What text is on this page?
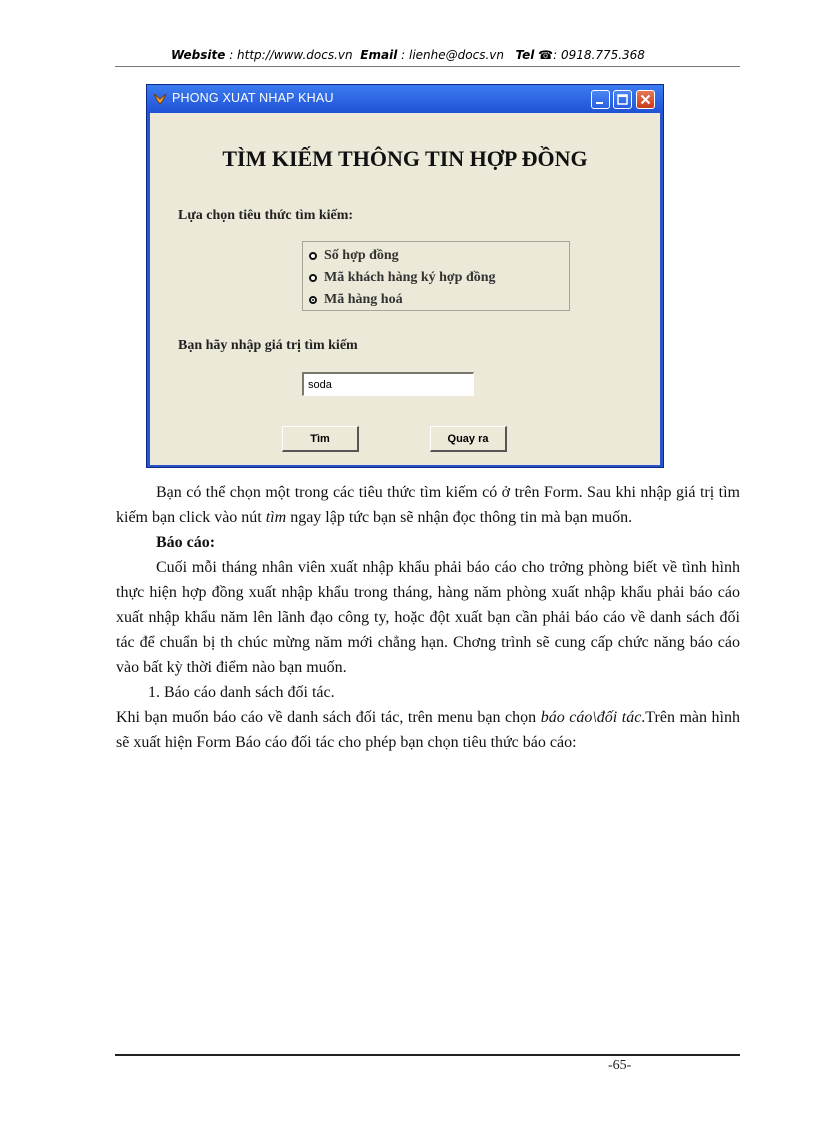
Website : http://www.docs.vn Email : lienhe@docs.vn Tel ☎: 0918.775.368
PHONG XUAT NHAP KHAU
TÌM KIẾM THÔNG TIN HỢP ĐỒNG
Lựa chọn tiêu thức tìm kiếm:
Số hợp đồng
Mã khách hàng ký hợp đồng
Mã hàng hoá
Bạn hãy nhập giá trị tìm kiếm
soda
Tìm	Quay ra

Bạn có thể chọn một trong các tiêu thức tìm kiếm có ở trên Form. Sau khi nhập giá trị tìm kiếm bạn click vào nút tìm ngay lập tức bạn sẽ nhận đọc thông tin mà bạn muốn.

Báo cáo:

Cuối mỗi tháng nhân viên xuất nhập khẩu phải báo cáo cho trởng phòng biết về tình hình thực hiện hợp đồng xuất nhập khẩu trong tháng, hàng năm phòng xuất nhập khẩu phải báo cáo xuất nhập khẩu năm lên lãnh đạo công ty, hoặc đột xuất bạn cần phải báo cáo về danh sách đối tác để chuẩn bị th chúc mừng năm mới chẳng hạn. Chơng trình sẽ cung cấp chức năng báo cáo vào bất kỳ thời điểm nào bạn muốn.

1. Báo cáo danh sách đối tác.

Khi bạn muốn báo cáo về danh sách đối tác, trên menu bạn chọn báo cáo\đối tác.Trên màn hình sẽ xuất hiện Form Báo cáo đối tác cho phép bạn chọn tiêu thức báo cáo:

-65-
